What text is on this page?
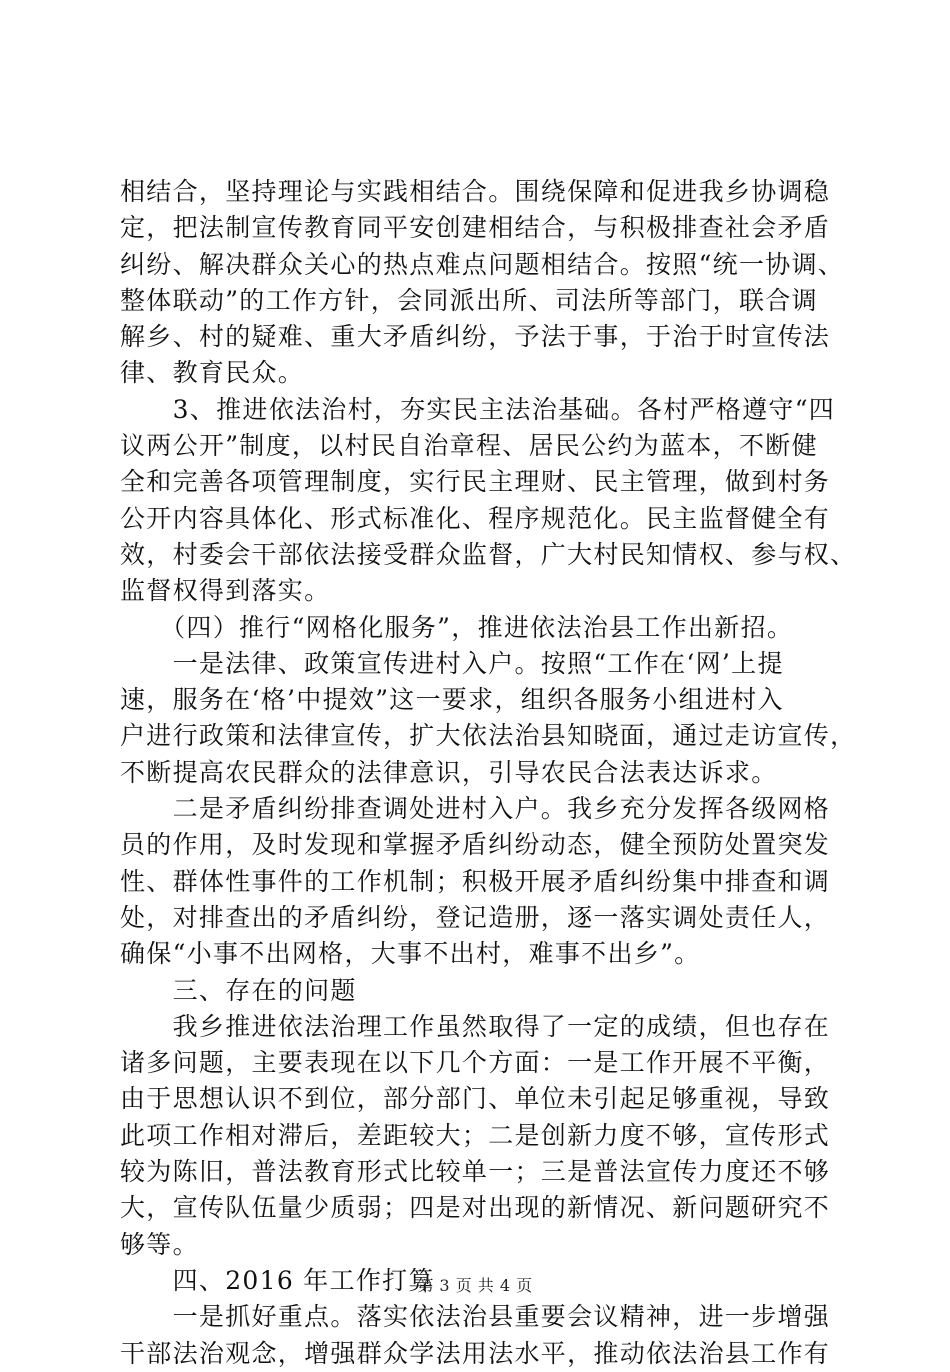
相结合，坚持理论与实践相结合。围绕保障和促进我乡协调稳
定，把法制宣传教育同平安创建相结合，与积极排查社会矛盾
纠纷、解决群众关心的热点难点问题相结合。按照“统一协调、
整体联动”的工作方针，会同派出所、司法所等部门，联合调
解乡、村的疑难、重大矛盾纠纷，予法于事，于治于时宣传法
律、教育民众。
　　3、推进依法治村，夯实民主法治基础。各村严格遵守“四
议两公开”制度，以村民自治章程、居民公约为蓝本，不断健
全和完善各项管理制度，实行民主理财、民主管理，做到村务
公开内容具体化、形式标准化、程序规范化。民主监督健全有
效，村委会干部依法接受群众监督，广大村民知情权、参与权、
监督权得到落实。
　　（四）推行“网格化服务”，推进依法治县工作出新招。
　　一是法律、政策宣传进村入户。按照“工作在‘网’上提
速，服务在‘格’中提效”这一要求，组织各服务小组进村入
户进行政策和法律宣传，扩大依法治县知晓面，通过走访宣传，
不断提高农民群众的法律意识，引导农民合法表达诉求。
　　二是矛盾纠纷排查调处进村入户。我乡充分发挥各级网格
员的作用，及时发现和掌握矛盾纠纷动态，健全预防处置突发
性、群体性事件的工作机制；积极开展矛盾纠纷集中排查和调
处，对排查出的矛盾纠纷，登记造册，逐一落实调处责任人，
确保“小事不出网格，大事不出村，难事不出乡”。
　　三、存在的问题
　　我乡推进依法治理工作虽然取得了一定的成绩，但也存在
诸多问题，主要表现在以下几个方面：一是工作开展不平衡，
由于思想认识不到位，部分部门、单位未引起足够重视，导致
此项工作相对滞后，差距较大；二是创新力度不够，宣传形式
较为陈旧，普法教育形式比较单一；三是普法宣传力度还不够
大，宣传队伍量少质弱；四是对出现的新情况、新问题研究不
够等。
　　四、2016 年工作打算
　　一是抓好重点。落实依法治县重要会议精神，进一步增强
干部法治观念，增强群众学法用法水平，推动依法治县工作有
第 3 页 共 4 页
